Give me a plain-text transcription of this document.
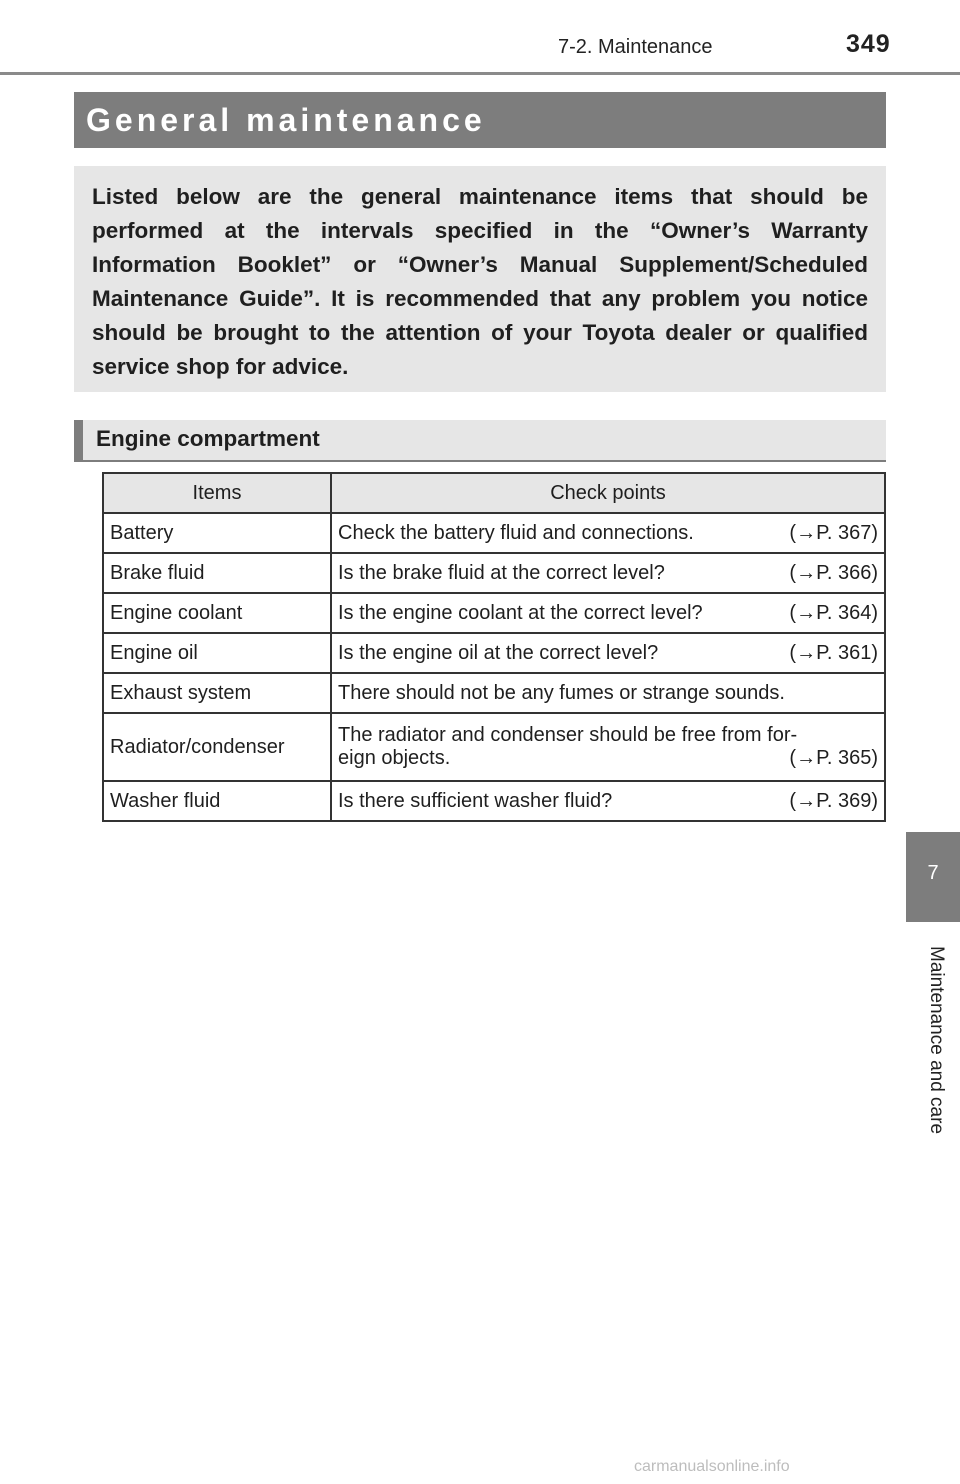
7-2. Maintenance	349
General maintenance

Listed below are the general maintenance items that should be performed at the intervals specified in the “Owner’s Warranty Information Booklet” or “Owner’s Manual Supplement/Scheduled Maintenance Guide”. It is recommended that any problem you notice should be brought to the attention of your Toyota dealer or qualified service shop for advice.

Engine compartment
Items	Check points
Battery	Check the battery fluid and connections. (→P. 367)

Brake fluid	Is the brake fluid at the correct level? (→P. 366)

Engine coolant	Is the engine coolant at the correct level? (→P. 364)

Engine oil	Is the engine oil at the correct level? (→P. 361)

Exhaust system	There should not be any fumes or strange sounds.
Radiator/condenser	The radiator and condenser should be free from for-
eign objects. (→P. 365)

Washer fluid	Is there sufficient washer fluid? (→P. 369)
7
Maintenance and care
carmanualsonline.info
